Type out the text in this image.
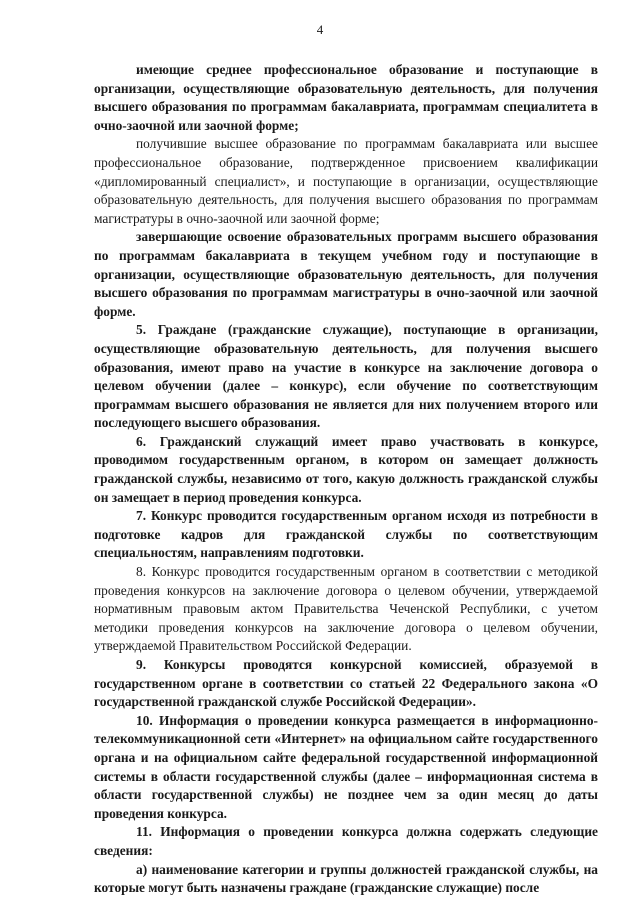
4

имеющие среднее профессиональное образование и поступающие в организации, осуществляющие образовательную деятельность, для получения высшего образования по программам бакалавриата, программам специалитета в очно-заочной или заочной форме;

получившие высшее образование по программам бакалавриата или высшее профессиональное образование, подтвержденное присвоением квалификации «дипломированный специалист», и поступающие в организации, осуществляющие образовательную деятельность, для получения высшего образования по программам магистратуры в очно-заочной или заочной форме;

завершающие освоение образовательных программ высшего образования по программам бакалавриата в текущем учебном году и поступающие в организации, осуществляющие образовательную деятельность, для получения высшего образования по программам магистратуры в очно-заочной или заочной форме.

5. Граждане (гражданские служащие), поступающие в организации, осуществляющие образовательную деятельность, для получения высшего образования, имеют право на участие в конкурсе на заключение договора о целевом обучении (далее – конкурс), если обучение по соответствующим программам высшего образования не является для них получением второго или последующего высшего образования.

6. Гражданский служащий имеет право участвовать в конкурсе, проводимом государственным органом, в котором он замещает должность гражданской службы, независимо от того, какую должность гражданской службы он замещает в период проведения конкурса.

7. Конкурс проводится государственным органом исходя из потребности в подготовке кадров для гражданской службы по соответствующим специальностям, направлениям подготовки.

8. Конкурс проводится государственным органом в соответствии с методикой проведения конкурсов на заключение договора о целевом обучении, утверждаемой нормативным правовым актом Правительства Чеченской Республики, с учетом методики проведения конкурсов на заключение договора о целевом обучении, утверждаемой Правительством Российской Федерации.

9. Конкурсы проводятся конкурсной комиссией, образуемой в государственном органе в соответствии со статьей 22 Федерального закона «О государственной гражданской службе Российской Федерации».

10. Информация о проведении конкурса размещается в информационно-телекоммуникационной сети «Интернет» на официальном сайте государственного органа и на официальном сайте федеральной государственной информационной системы в области государственной службы (далее – информационная система в области государственной службы) не позднее чем за один месяц до даты проведения конкурса.

11. Информация о проведении конкурса должна содержать следующие сведения:

а) наименование категории и группы должностей гражданской службы, на которые могут быть назначены граждане (гражданские служащие) после
